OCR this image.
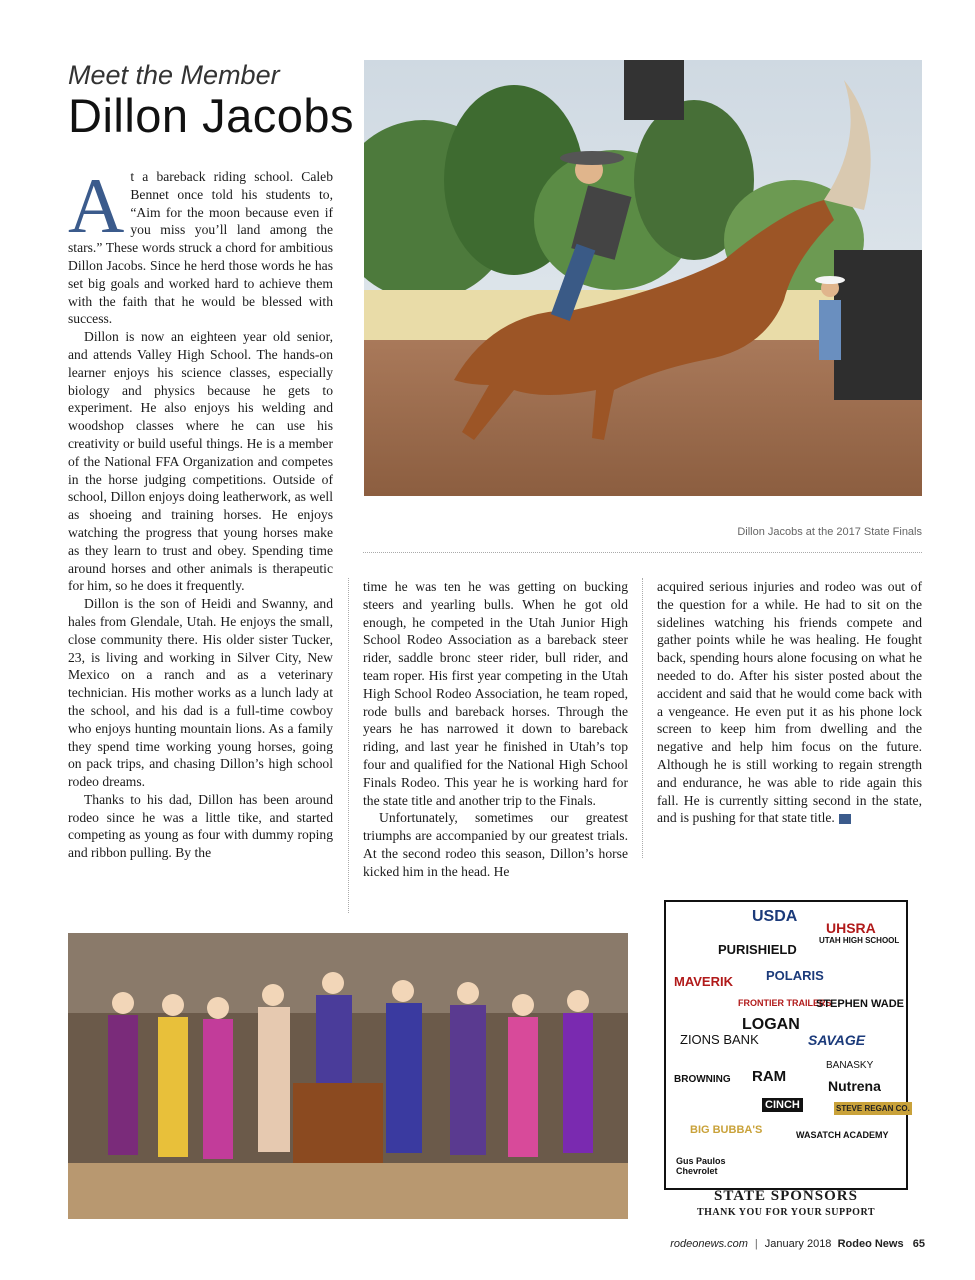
Meet the Member
Dillon Jacobs
Dillon Jacobs at the 2017 State Finals

At a bareback riding school. Caleb Bennet once told his students to, “Aim for the moon because even if you miss you’ll land among the stars.” These words struck a chord for ambitious Dillon Jacobs. Since he herd those words he has set big goals and worked hard to achieve them with the faith that he would be blessed with success.

Dillon is now an eighteen year old senior, and attends Valley High School. The hands-on learner enjoys his science classes, especially biology and physics because he gets to experiment. He also enjoys his welding and woodshop classes where he can use his creativity or build useful things. He is a member of the National FFA Organization and competes in the horse judging competitions. Outside of school, Dillon enjoys doing leatherwork, as well as shoeing and training horses. He enjoys watching the progress that young horses make as they learn to trust and obey. Spending time around horses and other animals is therapeutic for him, so he does it frequently.

Dillon is the son of Heidi and Swanny, and hales from Glendale, Utah. He enjoys the small, close community there. His older sister Tucker, 23, is living and working in Silver City, New Mexico on a ranch and as a veterinary technician. His mother works as a lunch lady at the school, and his dad is a full-time cowboy who enjoys hunting mountain lions. As a family they spend time working young horses, going on pack trips, and chasing Dillon’s high school rodeo dreams.

Thanks to his dad, Dillon has been around rodeo since he was a little tike, and started competing as young as four with dummy roping and ribbon pulling. By the

time he was ten he was getting on bucking steers and yearling bulls. When he got old enough, he competed in the Utah Junior High School Rodeo Association as a bareback steer rider, saddle bronc steer rider, bull rider, and team roper. His first year competing in the Utah High School Rodeo Association, he team roped, rode bulls and bareback horses. Through the years he has narrowed it down to bareback riding, and last year he finished in Utah’s top four and qualified for the National High School Finals Rodeo. This year he is working hard for the state title and another trip to the Finals.

Unfortunately, sometimes our greatest triumphs are accompanied by our greatest trials. At the second rodeo this season, Dillon’s horse kicked him in the head. He

acquired serious injuries and rodeo was out of the question for a while. He had to sit on the sidelines watching his friends compete and gather points while he was healing. He fought back, spending hours alone focusing on what he needed to do. After his sister posted about the accident and said that he would come back with a vengeance. He even put it as his phone lock screen to keep him from dwelling and the negative and help him focus on the future. Although he is still working to regain strength and endurance, he was able to ride again this fall. He is currently sitting second in the state, and is pushing for that state title.

USDA
UHSRA
UTAH HIGH SCHOOL
PURISHIELD
MAVERIK	POLARIS
FRONTIER TRAILERS
STEPHEN WADE
LOGAN
ZIONS BANK	SAVAGE
BANASKY
BROWNING RAM
Nutrena
CINCH	STEVE REGAN CO.
BIG BUBBA'S	WASATCH ACADEMY
Gus Paulos Chevrolet
STATE SPONSORS
THANK YOU FOR YOUR SUPPORT
rodeonews.com | January 2018 Rodeo News 65
